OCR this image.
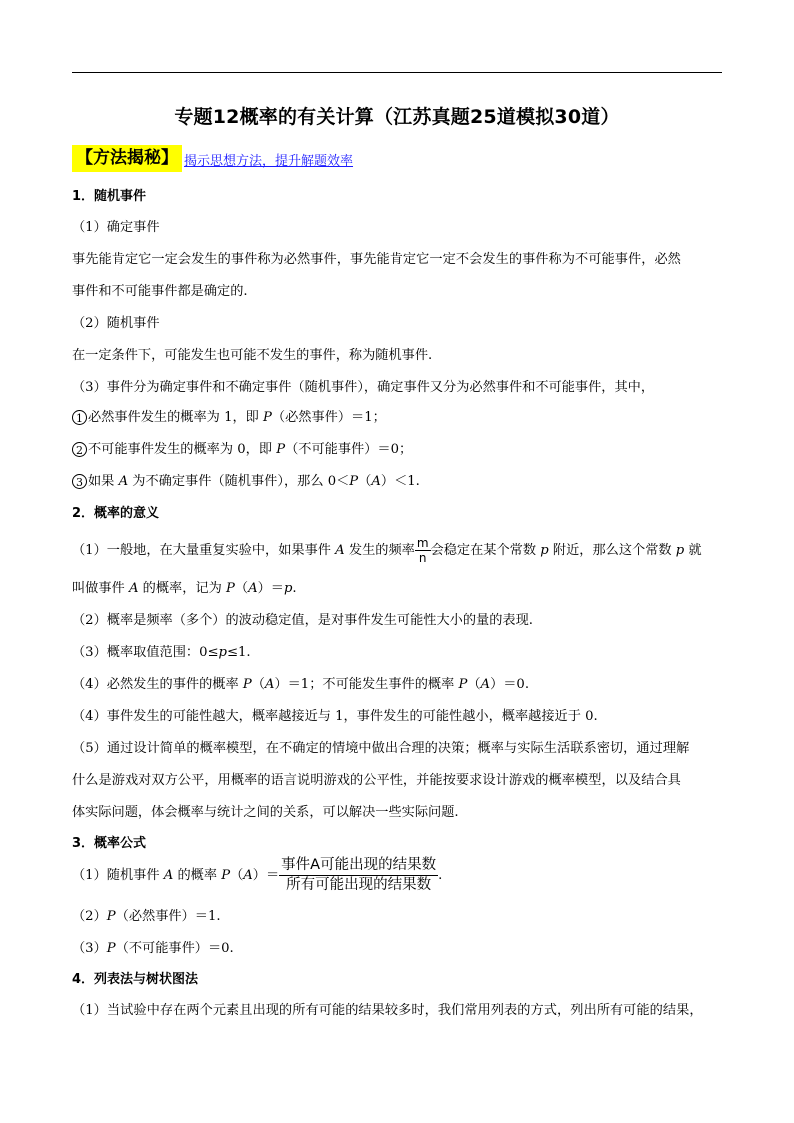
专题12概率的有关计算（江苏真题25道模拟30道）
【方法揭秘】 揭示思想方法，提升解题效率
1．随机事件
（1）确定事件
事先能肯定它一定会发生的事件称为必然事件，事先能肯定它一定不会发生的事件称为不可能事件，必然
事件和不可能事件都是确定的.
（2）随机事件
在一定条件下，可能发生也可能不发生的事件，称为随机事件.
（3）事件分为确定事件和不确定事件（随机事件），确定事件又分为必然事件和不可能事件，其中，
1 必然事件发生的概率为 1，即 P（必然事件）＝1；
2 不可能事件发生的概率为 0，即 P（不可能事件）＝0；
3 如果 A 为不确定事件（随机事件），那么 0＜P（A）＜1.
2．概率的意义
（1）一般地，在大量重复实验中，如果事件 A 发生的频率 $\frac{m}{n}$ 会稳定在某个常数 p 附近，那么这个常数 p 就
叫做事件 A 的概率，记为 P（A）＝p.
（2）概率是频率（多个）的波动稳定值，是对事件发生可能性大小的量的表现.
（3）概率取值范围：0≤p≤1.
（4）必然发生的事件的概率 P（A）＝1；不可能发生事件的概率 P（A）＝0.
（4）事件发生的可能性越大，概率越接近与 1，事件发生的可能性越小，概率越接近于 0.
（5）通过设计简单的概率模型，在不确定的情境中做出合理的决策；概率与实际生活联系密切，通过理解
什么是游戏对双方公平，用概率的语言说明游戏的公平性，并能按要求设计游戏的概率模型，以及结合具
体实际问题，体会概率与统计之间的关系，可以解决一些实际问题.
3．概率公式
（1）随机事件 A 的概率 $P(A)= \frac{\text{事件A可能出现的结果数}}{\text{所有可能出现的结果数}}$ .
（2）P（必然事件）＝1.
（3）P（不可能事件）＝0.
4．列表法与树状图法
（1）当试验中存在两个元素且出现的所有可能的结果较多时，我们常用列表的方式，列出所有可能的结果，
